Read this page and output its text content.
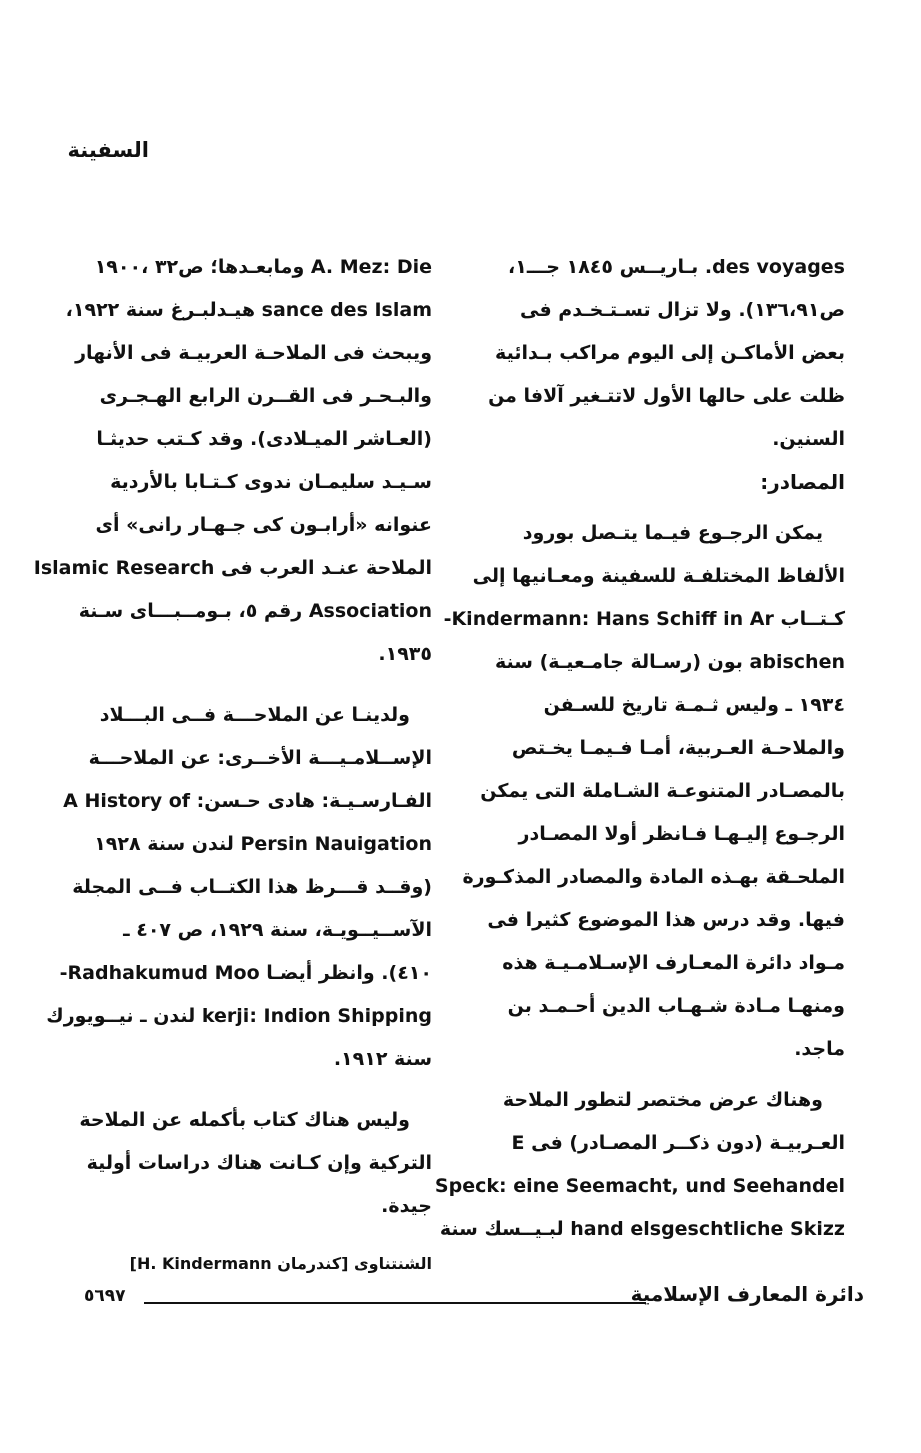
السفينة
des voyages. بـاريــس ١٨٤٥ جـــ١،
ص١٣٦،٩١). ولا تزال تسـتـخـدم فى
بعض الأماكـن إلى اليوم مراكب بـدائية
ظلت على حالها الأول لاتتـغير آلافا من
السنين.
المصادر:
يمكن الرجـوع فيـما يتـصل بورود
الألفاظ المختلفـة للسفينة ومعـانيها إلى
كـتــاب Kindermann: Hans Schiff in Ar-
abischen بون (رسـالة جامـعيـة) سنة
١٩٣٤ ـ وليس ثـمـة تاريخ للسـفن
والملاحـة العـربية، أمـا فـيمـا يخـتص
بالمصـادر المتنوعـة الشـاملة التى يمكن
الرجـوع إليـهـا فـانظر أولا المصـادر
الملحـقة بهـذه المادة والمصادر المذكـورة
فيها. وقد درس هذا الموضوع كثيرا فى
مـواد دائرة المعـارف الإسـلامـيـة هذه
ومنهـا مـادة شـهـاب الدين أحـمـد بن
ماجد.
وهناك عرض مختصر لتطور الملاحة
العـربيـة (دون ذكــر المصـادر) فى E
Speck: eine Seemacht, und Seehandel
hand elsgeschtliche Skizz لبـيــسك سنة
A. Mez: Die ومابعـدها؛ ص٣٢ ،١٩٠٠
sance des Islam هيـدلبـرغ سنة ١٩٢٢،
ويبحث فى الملاحـة العربيـة فى الأنهار
والبـحـر فى القــرن الرابع الهـجـرى
(العـاشر الميـلادى). وقد كـتب حديثـا
سـيـد سليمـان ندوى كـتـابا بالأردية
عنوانه «أرابـون كى جـهـار رانى» أى
الملاحة عنـد العرب فى Islamic Research
Association رقم ٥، بـومــبـــاى سـنة
١٩٣٥.
ولدينـا عن الملاحـــة فــى البـــلاد
الإســلامـيـــة الأخــرى: عن الملاحـــة
الفـارسـيـة: هادى حـسن: A History of
Persin Nauigation لندن سنة ١٩٢٨
(وقــد قـــرظ هذا الكتــاب فــى المجلة
الآســيــويـة، سنة ١٩٢٩، ص ٤٠٧ ـ
٤١٠). وانظر أيضـا Radhakumud Moo-
kerji: Indion Shipping لندن ـ نيــويورك
سنة ١٩١٢.
وليس هناك كتاب بأكمله عن الملاحة
التركية وإن كـانت هناك دراسات أولية
جيدة.
الشنتناوى [كندرمان H. Kindermann]
٥٦٩٧	دائرة المعارف الإسلامية
